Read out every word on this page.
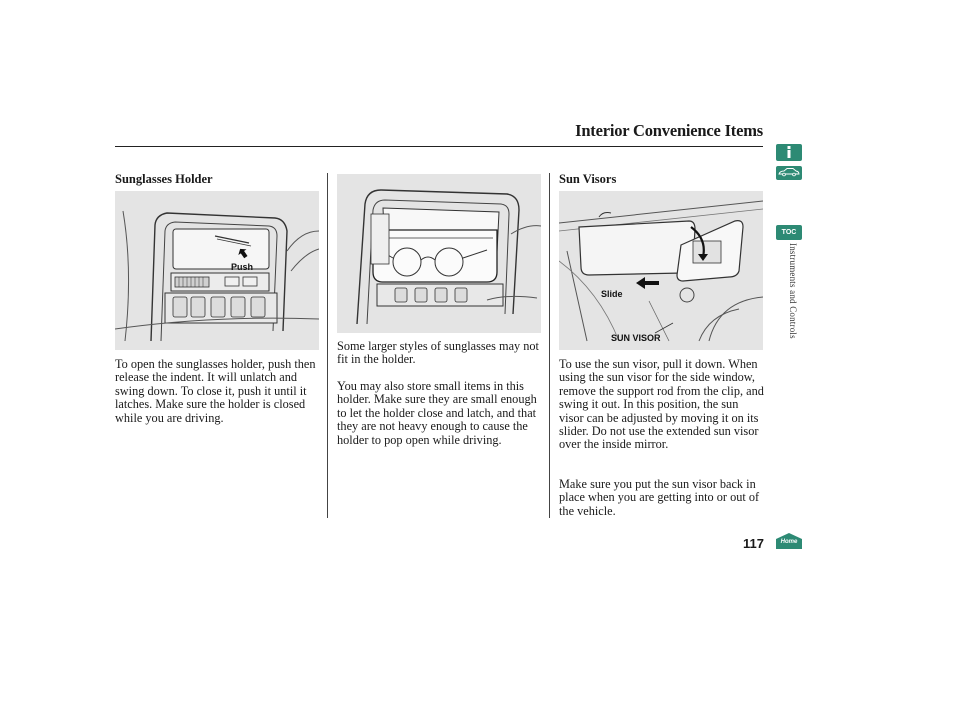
Interior Convenience Items
Sunglasses Holder
Push
To open the sunglasses holder, push then release the indent. It will unlatch and swing down. To close it, push it until it latches. Make sure the holder is closed while you are driving.
Some larger styles of sunglasses may not fit in the holder.
You may also store small items in this holder. Make sure they are small enough to let the holder close and latch, and that they are not heavy enough to cause the holder to pop open while driving.
Sun Visors
Slide
SUN VISOR
To use the sun visor, pull it down. When using the sun visor for the side window, remove the support rod from the clip, and swing it out. In this position, the sun visor can be adjusted by moving it on its slider. Do not use the extended sun visor over the inside mirror.
Make sure you put the sun visor back in place when you are getting into or out of the vehicle.
117
TOC
Instruments and Controls
Home
